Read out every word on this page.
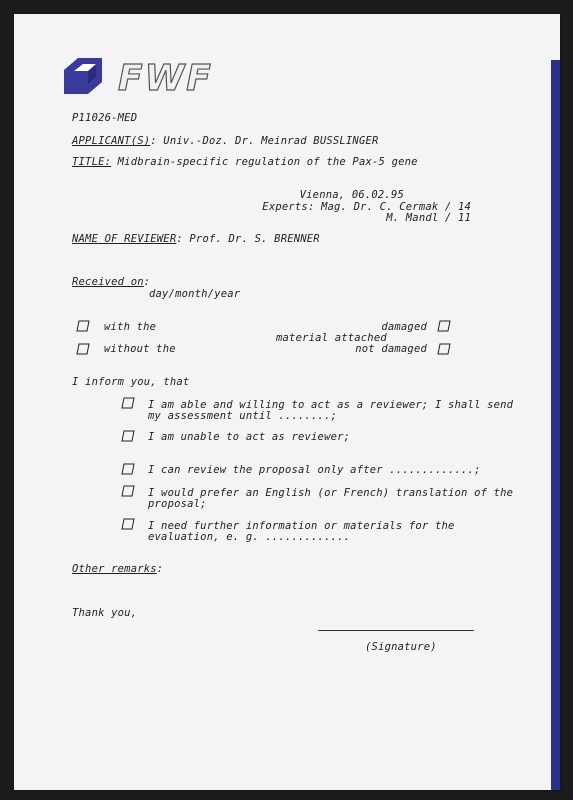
FWF
P11026-MED
APPLICANT(S): Univ.-Doz. Dr. Meinrad BUSSLINGER
TITLE: Midbrain-specific regulation of the Pax-5 gene
Vienna, 06.02.95
Experts: Mag. Dr. C. Cermak / 14
M. Mandl / 11
NAME OF REVIEWER: Prof. Dr. S. BRENNER
Received on:
day/month/year
with the
without the
material attached
damaged
not damaged
I inform you, that
I am able and willing to act as a reviewer; I shall send
my assessment until ........;
I am unable to act as reviewer;
I can review the proposal only after .............;
I would prefer an English (or French) translation of the
proposal;
I need further information or materials for the
evaluation, e. g. .............
Other remarks:
Thank you,
(Signature)
